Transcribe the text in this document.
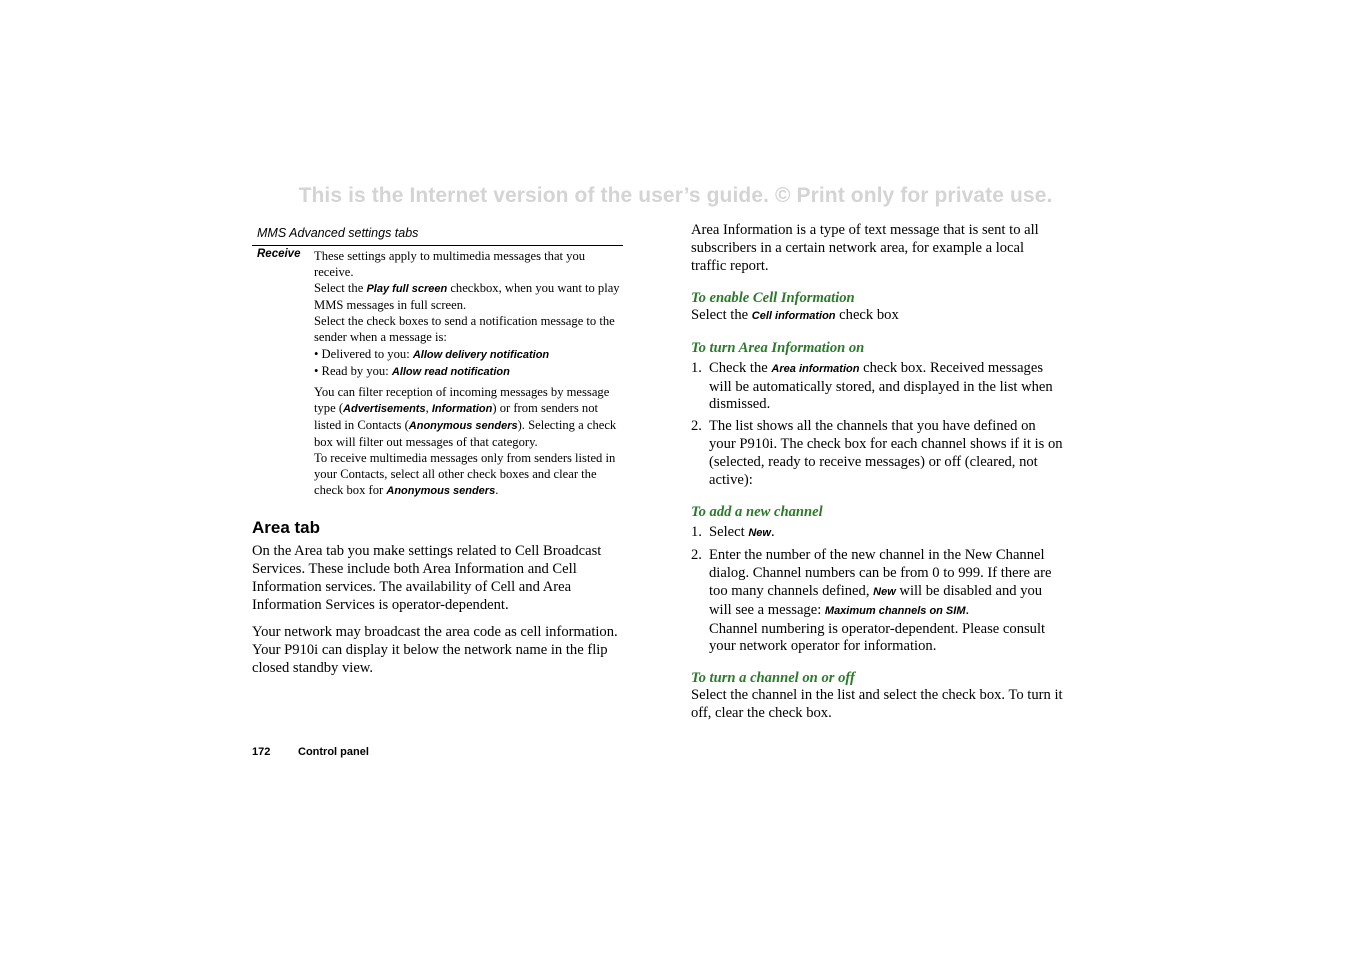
This is the Internet version of the user’s guide. © Print only for private use.
MMS Advanced settings tabs
Receive These settings apply to multimedia messages that you receive.

Select the Play full screen checkbox, when you want to play MMS messages in full screen.

Select the check boxes to send a notification message to the sender when a message is:

• Delivered to you: Allow delivery notification

• Read by you: Allow read notification

You can filter reception of incoming messages by message type (Advertisements, Information) or from senders not listed in Contacts (Anonymous senders). Selecting a check box will filter out messages of that category.

To receive multimedia messages only from senders listed in your Contacts, select all other check boxes and clear the check box for Anonymous senders.

Area tab

On the Area tab you make settings related to Cell Broadcast Services. These include both Area Information and Cell Information services. The availability of Cell and Area Information Services is operator-dependent.

Your network may broadcast the area code as cell information. Your P910i can display it below the network name in the flip closed standby view.

Area Information is a type of text message that is sent to all subscribers in a certain network area, for example a local traffic report.

To enable Cell Information

Select the Cell information check box

To turn Area Information on
1. Check the Area information check box. Received messages will be automatically stored, and displayed in the list when dismissed.
2. The list shows all the channels that you have defined on your P910i. The check box for each channel shows if it is on (selected, ready to receive messages) or off (cleared, not active):
To add a new channel
1. Select New.
2. Enter the number of the new channel in the New Channel dialog. Channel numbers can be from 0 to 999. If there are too many channels defined, New will be disabled and you will see a message: Maximum channels on SIM.
Channel numbering is operator-dependent. Please consult your network operator for information.
To turn a channel on or off

Select the channel in the list and select the check box. To turn it off, clear the check box.

172	Control panel
